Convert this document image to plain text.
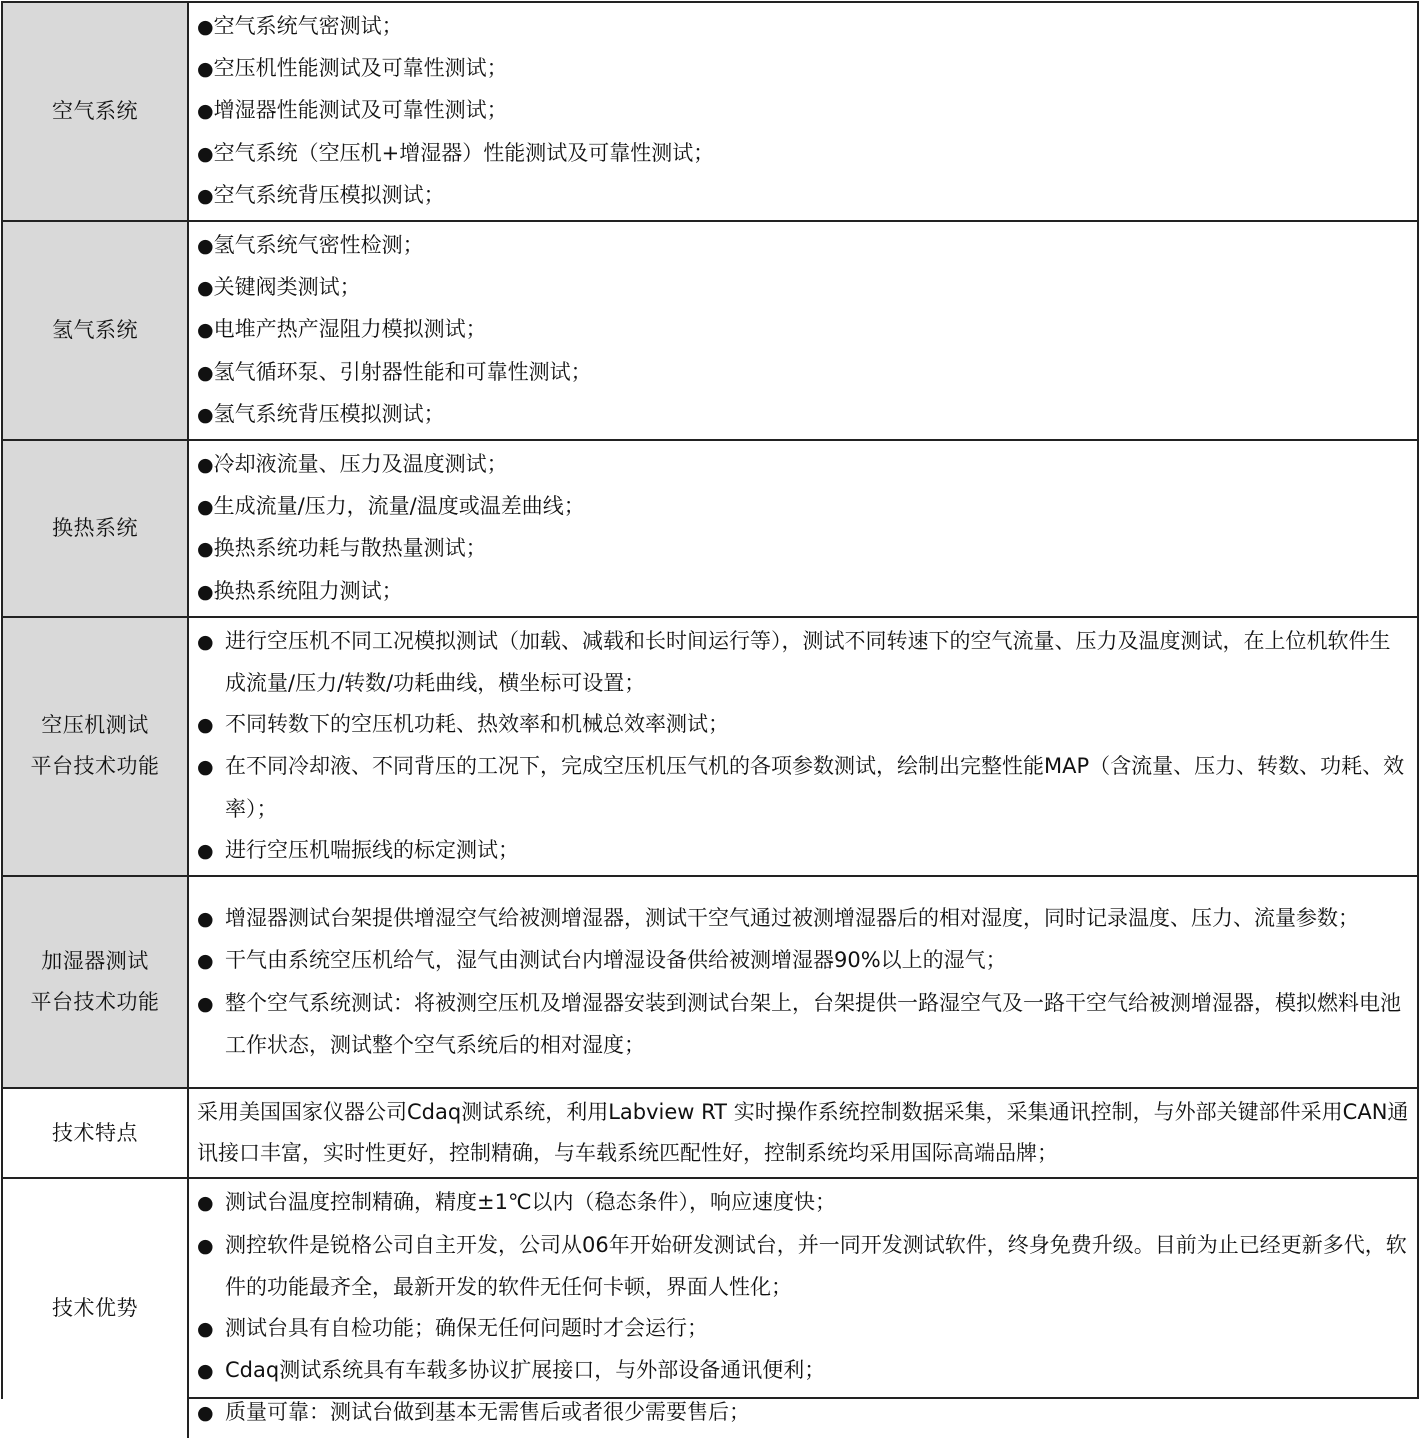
空气系统	●空气系统气密测试；
●空压机性能测试及可靠性测试；
●增湿器性能测试及可靠性测试；
●空气系统（空压机+增湿器）性能测试及可靠性测试；
●空气系统背压模拟测试；

氢气系统	●氢气系统气密性检测；
●关键阀类测试；
●电堆产热产湿阻力模拟测试；
●氢气循环泵、引射器性能和可靠性测试；
●氢气系统背压模拟测试；

换热系统	●冷却液流量、压力及温度测试；
●生成流量/压力，流量/温度或温差曲线；
●换热系统功耗与散热量测试；
●换热系统阻力测试；

空压机测试
平台技术功能	● 进行空压机不同工况模拟测试（加载、减载和长时间运行等），测试不同转速下的空气流量、压力及温度测试，在上位机软件生成流量/压力/转数/功耗曲线，横坐标可设置；
● 不同转数下的空压机功耗、热效率和机械总效率测试；
● 在不同冷却液、不同背压的工况下，完成空压机压气机的各项参数测试，绘制出完整性能MAP（含流量、压力、转数、功耗、效率）；
● 进行空压机喘振线的标定测试；

加湿器测试
平台技术功能	● 增湿器测试台架提供增湿空气给被测增湿器，测试干空气通过被测增湿器后的相对湿度，同时记录温度、压力、流量参数；
● 干气由系统空压机给气，湿气由测试台内增湿设备供给被测增湿器90%以上的湿气；
● 整个空气系统测试：将被测空压机及增湿器安装到测试台架上，台架提供一路湿空气及一路干空气给被测增湿器，模拟燃料电池工作状态，测试整个空气系统后的相对湿度；

技术特点	采用美国国家仪器公司Cdaq测试系统，利用Labview RT 实时操作系统控制数据采集，采集通讯控制，与外部关键部件采用CAN通讯接口丰富，实时性更好，控制精确，与车载系统匹配性好，控制系统均采用国际高端品牌；

技术优势	● 测试台温度控制精确，精度±1℃以内（稳态条件），响应速度快；
● 测控软件是锐格公司自主开发，公司从06年开始研发测试台，并一同开发测试软件，终身免费升级。目前为止已经更新多代，软件的功能最齐全，最新开发的软件无任何卡顿，界面人性化；
● 测试台具有自检功能；确保无任何问题时才会运行；
● Cdaq测试系统具有车载多协议扩展接口，与外部设备通讯便利；
● 质量可靠：测试台做到基本无需售后或者很少需要售后；
